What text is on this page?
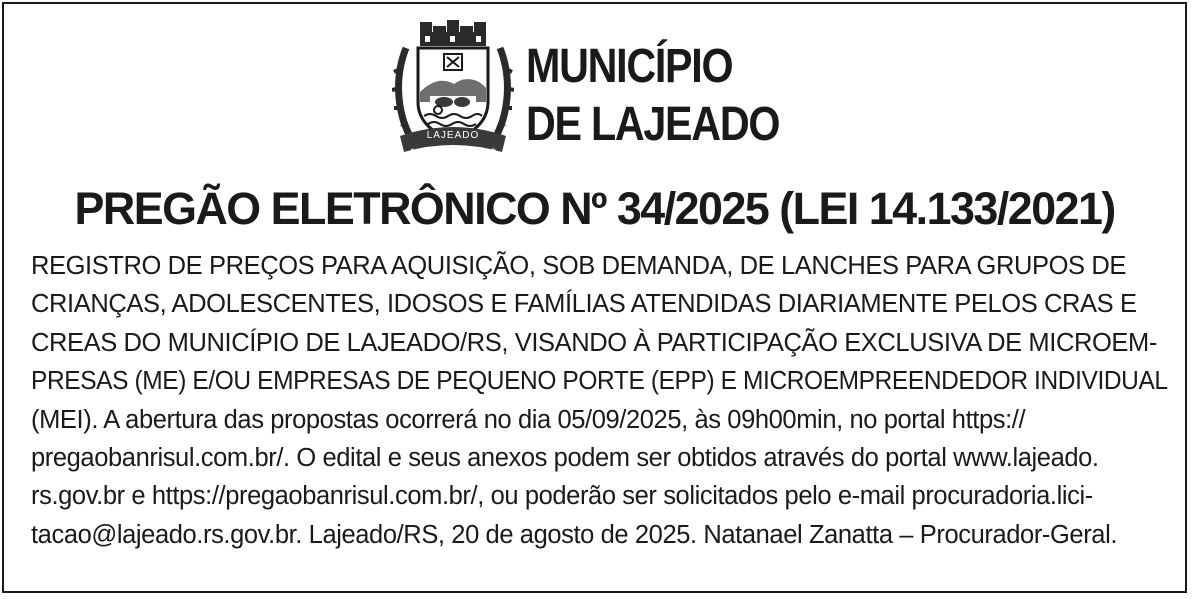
LAJEADO
1891	1939
MUNICÍPIO
DE LAJEADO
PREGÃO ELETRÔNICO Nº 34/2025 (LEI 14.133/2021)
REGISTRO DE PREÇOS PARA AQUISIÇÃO, SOB DEMANDA, DE LANCHES PARA GRUPOS DE
CRIANÇAS, ADOLESCENTES, IDOSOS E FAMÍLIAS ATENDIDAS DIARIAMENTE PELOS CRAS E
CREAS DO MUNICÍPIO DE LAJEADO/RS, VISANDO À PARTICIPAÇÃO EXCLUSIVA DE MICROEM-
PRESAS (ME) E/OU EMPRESAS DE PEQUENO PORTE (EPP) E MICROEMPREENDEDOR INDIVIDUAL
(MEI). A abertura das propostas ocorrerá no dia 05/09/2025, às 09h00min, no portal https://
pregaobanrisul.com.br/. O edital e seus anexos podem ser obtidos através do portal www.lajeado.
rs.gov.br e https://pregaobanrisul.com.br/, ou poderão ser solicitados pelo e-mail procuradoria.lici-
tacao@lajeado.rs.gov.br. Lajeado/RS, 20 de agosto de 2025. Natanael Zanatta – Procurador-Geral.
